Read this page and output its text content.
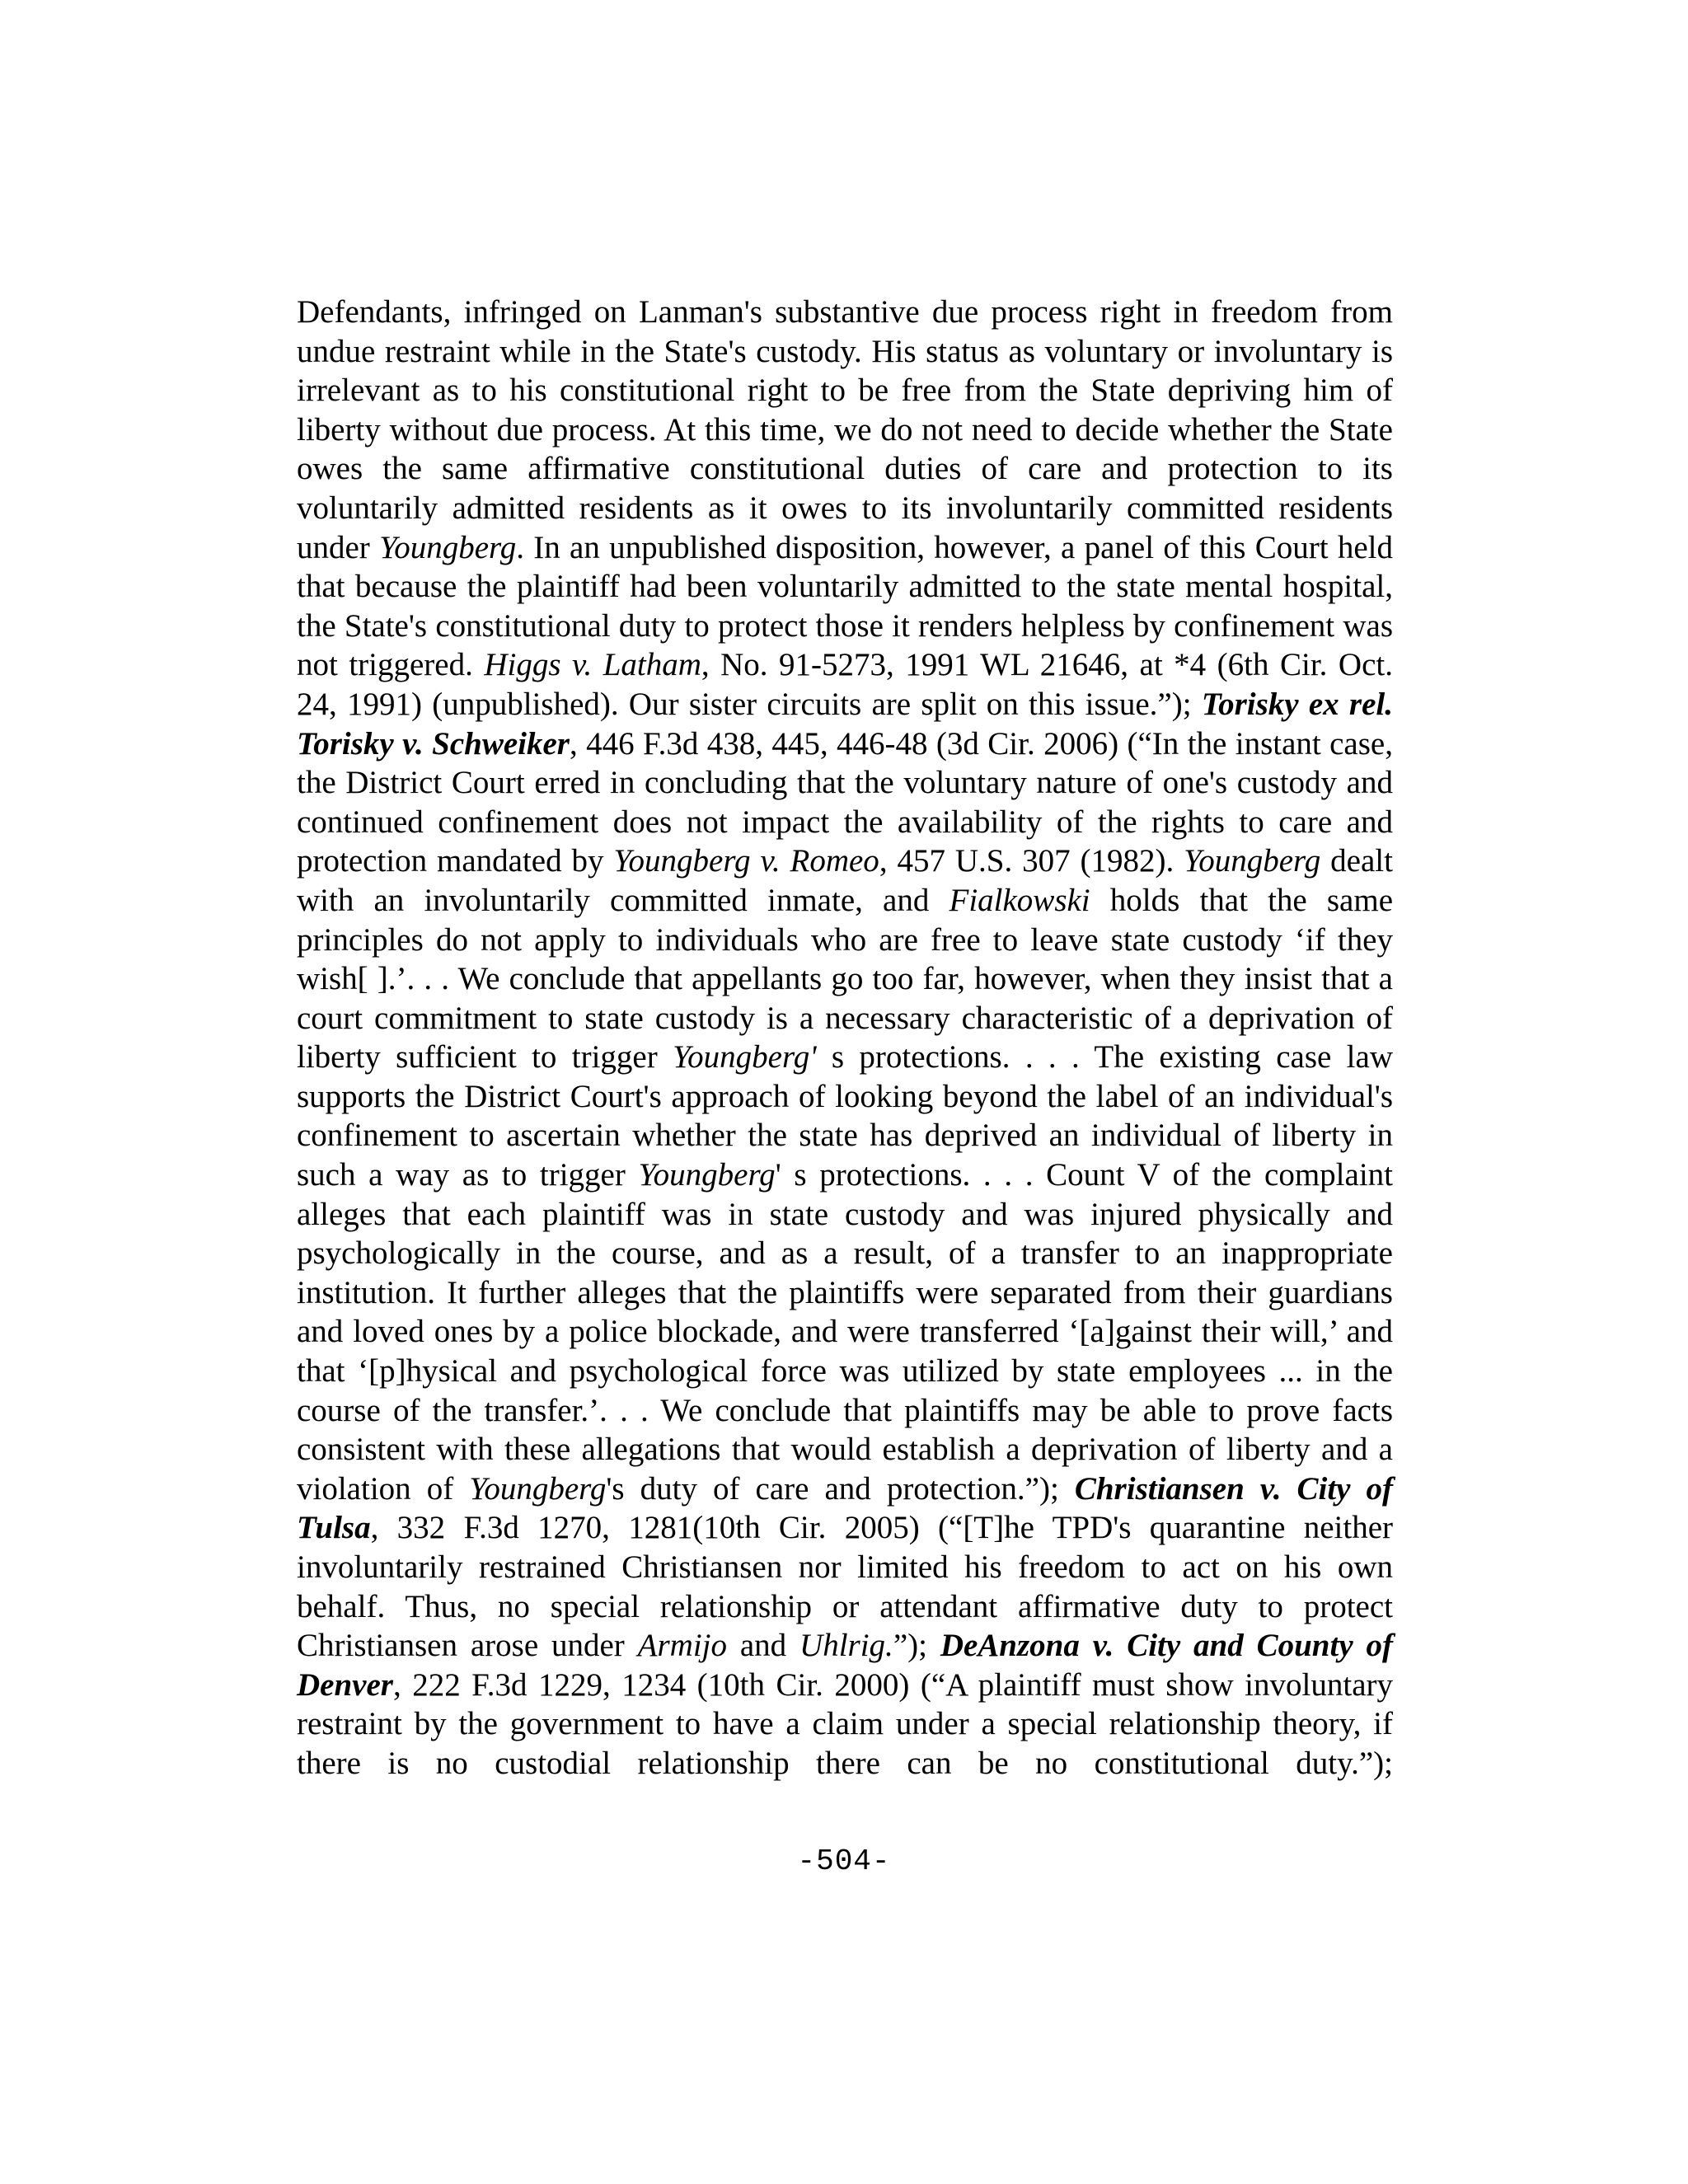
Defendants, infringed on Lanman's substantive due process right in freedom from undue restraint while in the State's custody. His status as voluntary or involuntary is irrelevant as to his constitutional right to be free from the State depriving him of liberty without due process. At this time, we do not need to decide whether the State owes the same affirmative constitutional duties of care and protection to its voluntarily admitted residents as it owes to its involuntarily committed residents under Youngberg. In an unpublished disposition, however, a panel of this Court held that because the plaintiff had been voluntarily admitted to the state mental hospital, the State's constitutional duty to protect those it renders helpless by confinement was not triggered. Higgs v. Latham, No. 91-5273, 1991 WL 21646, at *4 (6th Cir. Oct. 24, 1991) (unpublished). Our sister circuits are split on this issue.”); Torisky ex rel. Torisky v. Schweiker, 446 F.3d 438, 445, 446-48 (3d Cir. 2006) (“In the instant case, the District Court erred in concluding that the voluntary nature of one's custody and continued confinement does not impact the availability of the rights to care and protection mandated by Youngberg v. Romeo, 457 U.S. 307 (1982). Youngberg dealt with an involuntarily committed inmate, and Fialkowski holds that the same principles do not apply to individuals who are free to leave state custody ‘if they wish[ ].’. . . We conclude that appellants go too far, however, when they insist that a court commitment to state custody is a necessary characteristic of a deprivation of liberty sufficient to trigger Youngberg' s protections. . . . The existing case law supports the District Court's approach of looking beyond the label of an individual's confinement to ascertain whether the state has deprived an individual of liberty in such a way as to trigger Youngberg' s protections. . . . Count V of the complaint alleges that each plaintiff was in state custody and was injured physically and psychologically in the course, and as a result, of a transfer to an inappropriate institution. It further alleges that the plaintiffs were separated from their guardians and loved ones by a police blockade, and were transferred ‘[a]gainst their will,’ and that ‘[p]hysical and psychological force was utilized by state employees ... in the course of the transfer.’. . . We conclude that plaintiffs may be able to prove facts consistent with these allegations that would establish a deprivation of liberty and a violation of Youngberg's duty of care and protection.”); Christiansen v. City of Tulsa, 332 F.3d 1270, 1281(10th Cir. 2005) (“[T]he TPD's quarantine neither involuntarily restrained Christiansen nor limited his freedom to act on his own behalf. Thus, no special relationship or attendant affirmative duty to protect Christiansen arose under Armijo and Uhlrig.”); DeAnzona v. City and County of Denver, 222 F.3d 1229, 1234 (10th Cir. 2000) (“A plaintiff must show involuntary restraint by the government to have a claim under a special relationship theory, if there is no custodial relationship there can be no constitutional duty.”);

-504-
